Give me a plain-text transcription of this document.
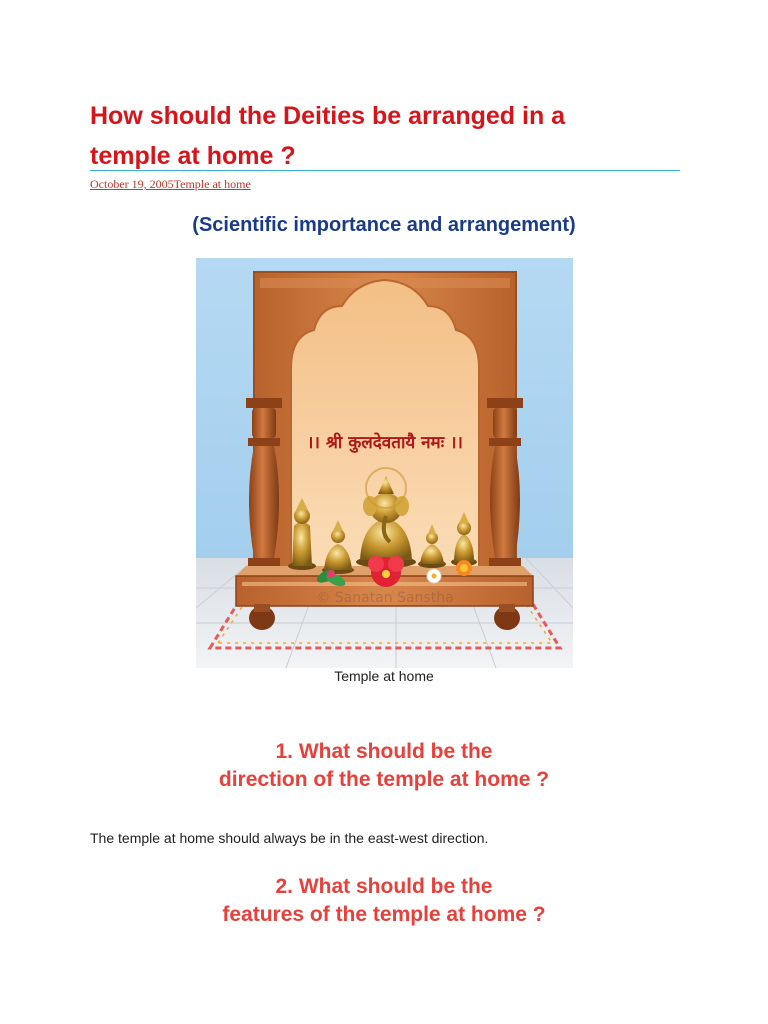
How should the Deities be arranged in a
temple at home ?
October 19, 2005Temple at home
(Scientific importance and arrangement)
।। श्री कुलदेवतायै नमः ।।
© Sanatan Sanstha
Temple at home
1. What should be the
direction of the temple at home ?

The temple at home should always be in the east-west direction.

2. What should be the
features of the temple at home ?
